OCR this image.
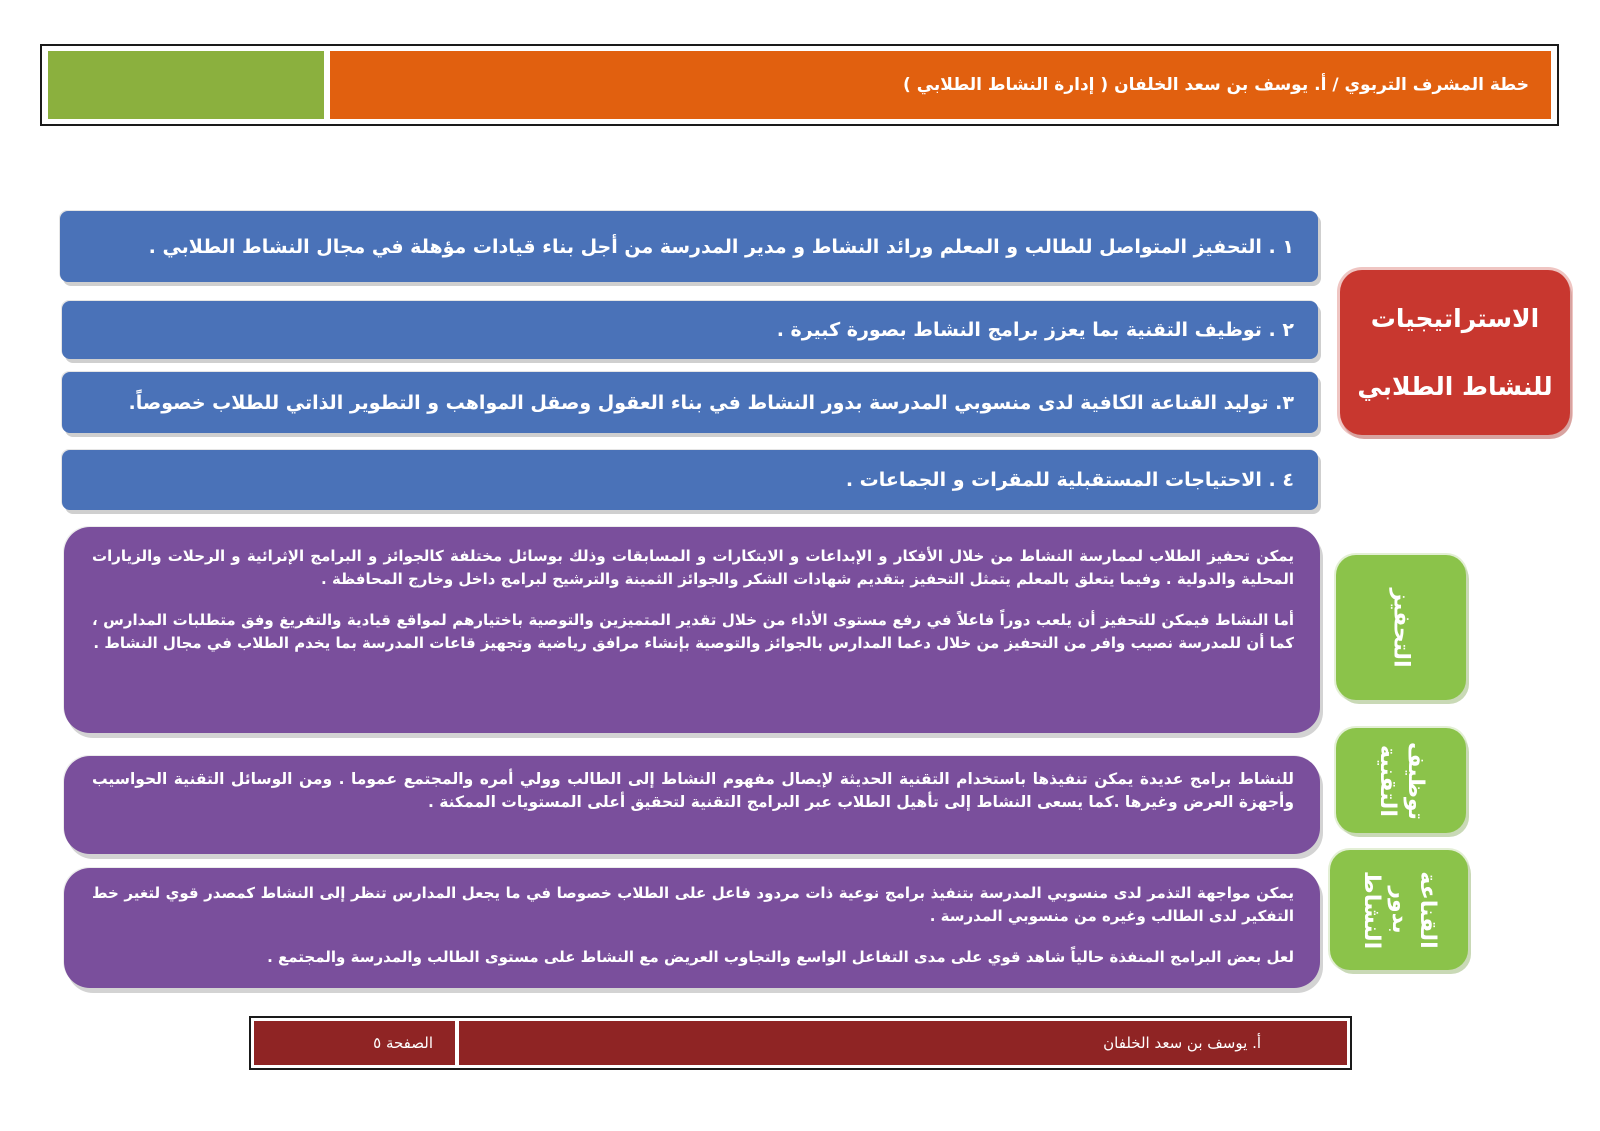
خطة المشرف التربوي / أ. يوسف بن سعد الخلفان ( إدارة النشاط الطلابي )
١ . التحفيز المتواصل للطالب و المعلم ورائد النشاط و مدير المدرسة من أجل بناء قيادات مؤهلة في مجال النشاط الطلابي .
٢ . توظيف التقنية بما يعزز برامج النشاط بصورة كبيرة .
٣. توليد القناعة الكافية لدى منسوبي المدرسة بدور النشاط في بناء العقول وصقل المواهب و التطوير الذاتي للطلاب خصوصاً.
٤ . الاحتياجات المستقبلية للمقرات و الجماعات .
الاستراتيجيات
للنشاط الطلابي

يمكن تحفيز الطلاب لممارسة النشاط من خلال الأفكار و الإبداعات و الابتكارات و المسابقات وذلك بوسائل مختلفة كالجوائز و البرامج الإثرائية و الرحلات والزيارات المحلية والدولية . وفيما يتعلق بالمعلم يتمثل التحفيز بتقديم شهادات الشكر والجوائز الثمينة والترشيح لبرامج داخل وخارج المحافظة .

أما النشاط فيمكن للتحفيز أن يلعب دوراً فاعلاً في رفع مستوى الأداء من خلال تقدير المتميزين والتوصية باختيارهم لمواقع قيادية والتفريغ وفق متطلبات المدارس ، كما أن للمدرسة نصيب وافر من التحفيز من خلال دعما المدارس بالجوائز والتوصية بإنشاء مرافق رياضية وتجهيز قاعات المدرسة بما يخدم الطلاب في مجال النشاط .

للنشاط برامج عديدة يمكن تنفيذها باستخدام التقنية الحديثة لإيصال مفهوم النشاط إلى الطالب وولي أمره والمجتمع عموما . ومن الوسائل التقنية الحواسيب وأجهزة العرض وغيرها .كما يسعى النشاط إلى تأهيل الطلاب عبر البرامج التقنية لتحقيق أعلى المستويات الممكنة .

يمكن مواجهة التذمر لدى منسوبي المدرسة بتنفيذ برامج نوعية ذات مردود فاعل على الطلاب خصوصا في ما يجعل المدارس تنظر إلى النشاط كمصدر قوي لتغير خط التفكير لدى الطالب وغيره من منسوبي المدرسة .

لعل بعض البرامج المنفذة حالياً شاهد قوي على مدى التفاعل الواسع والتجاوب العريض مع النشاط على مستوى الطالب والمدرسة والمجتمع .

التحفيز
توظيف التقنية
القناعة بدور النشاط
أ. يوسف بن سعد الخلفان
الصفحة ٥
